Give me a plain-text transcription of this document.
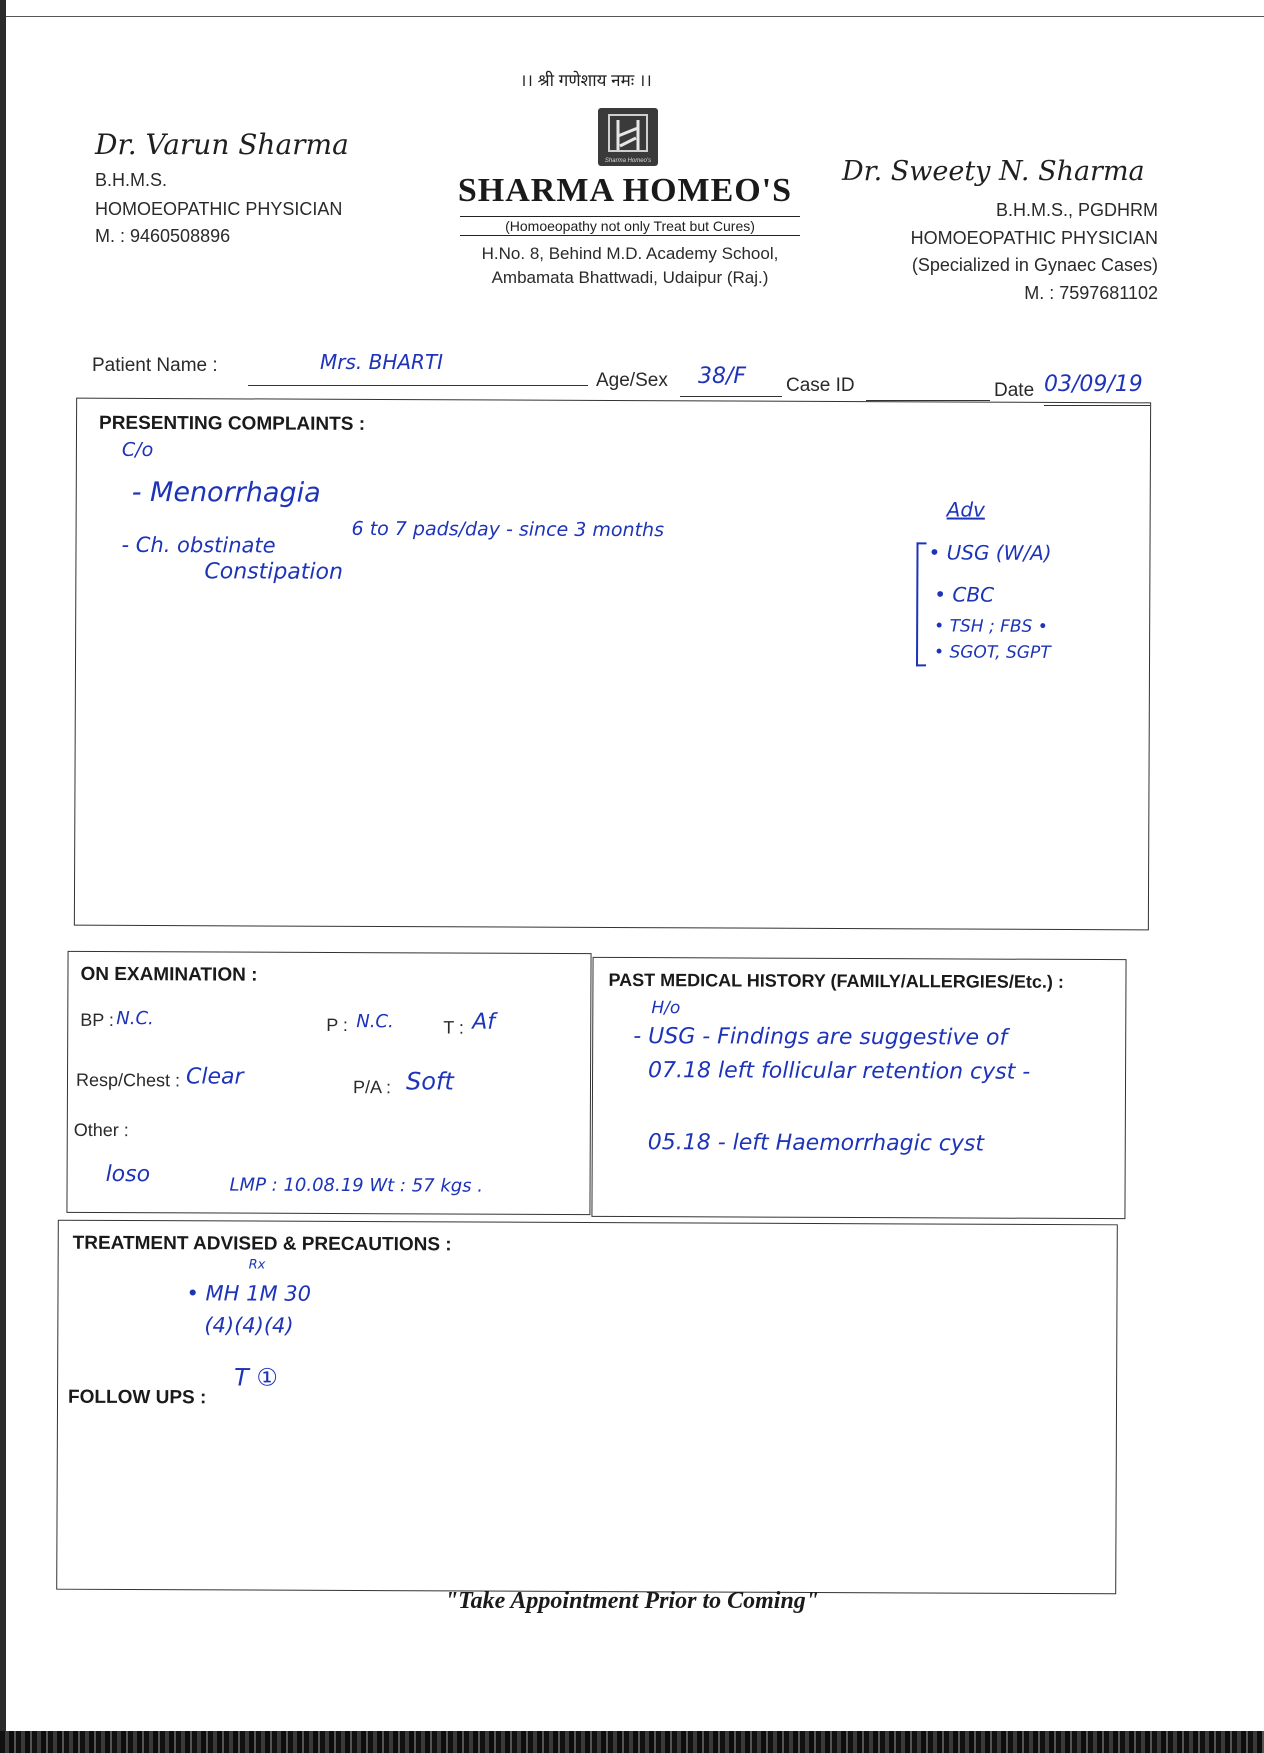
।। श्री गणेशाय नमः ।।
Dr. Varun Sharma
B.H.M.S.
HOMOEOPATHIC PHYSICIAN
M. : 9460508896
Sharma Homeo's
SHARMA HOMEO'S
(Homoeopathy not only Treat but Cures)
H.No. 8, Behind M.D. Academy School,
Ambamata Bhattwadi, Udaipur (Raj.)
Dr. Sweety N. Sharma
B.H.M.S., PGDHRM
HOMOEOPATHIC PHYSICIAN
(Specialized in Gynaec Cases)
M. : 7597681102
Patient Name :	Mrs. BHARTI
Age/Sex 38/F Case ID	Date 03/09/19
PRESENTING COMPLAINTS :
C/o
- Menorrhagia
6 to 7 pads/day - since 3 months
- Ch. obstinate
Constipation
Adv
• USG (W/A)
• CBC
• TSH ; FBS •
• SGOT, SGPT
ON EXAMINATION :
BP : N.C.	P : N.C.	T : Af
Resp/Chest : Clear	P/A : Soft
Other :
loso	LMP : 10.08.19 Wt : 57 kgs .
PAST MEDICAL HISTORY (FAMILY/ALLERGIES/Etc.) :
H/o
- USG - Findings are suggestive of
07.18 left follicular retention cyst -
05.18 - left Haemorrhagic cyst
TREATMENT ADVISED & PRECAUTIONS :
Rx
• MH 1M 30
(4)(4)(4)
FOLLOW UPS :
T ①
"Take Appointment Prior to Coming"
